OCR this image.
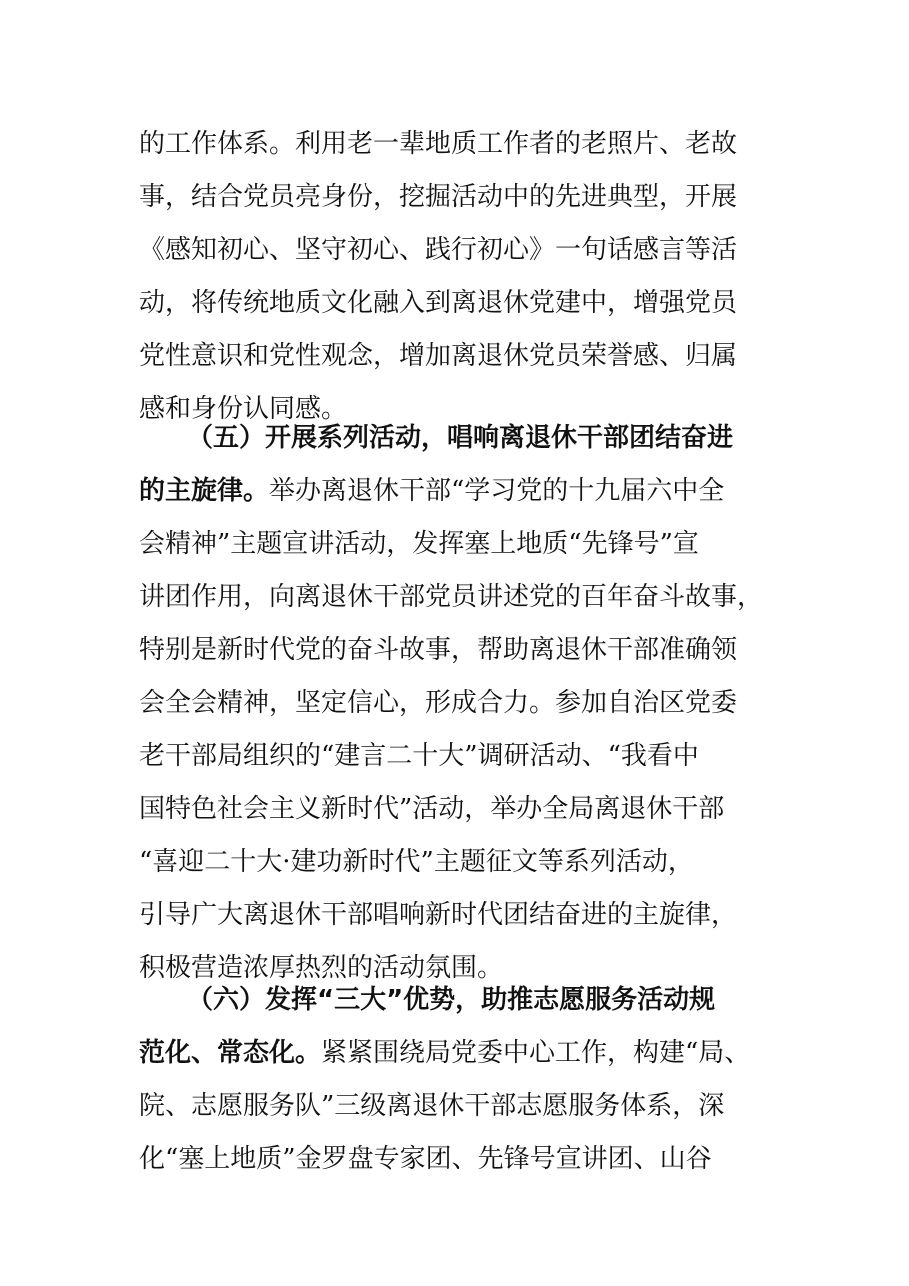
的工作体系。利用老一辈地质工作者的老照片、老故
事，结合党员亮身份，挖掘活动中的先进典型，开展
《感知初心、坚守初心、践行初心》一句话感言等活
动，将传统地质文化融入到离退休党建中，增强党员
党性意识和党性观念，增加离退休党员荣誉感、归属
感和身份认同感。
（五）开展系列活动，唱响离退休干部团结奋进
的主旋律。举办离退休干部“学习党的十九届六中全
会精神”主题宣讲活动，发挥塞上地质“先锋号”宣
讲团作用，向离退休干部党员讲述党的百年奋斗故事，
特别是新时代党的奋斗故事，帮助离退休干部准确领
会全会精神，坚定信心，形成合力。参加自治区党委
老干部局组织的“建言二十大”调研活动、“我看中
国特色社会主义新时代”活动，举办全局离退休干部
“喜迎二十大·建功新时代”主题征文等系列活动，
引导广大离退休干部唱响新时代团结奋进的主旋律，
积极营造浓厚热烈的活动氛围。
（六）发挥“三大”优势，助推志愿服务活动规
范化、常态化。紧紧围绕局党委中心工作，构建“局、
院、志愿服务队”三级离退休干部志愿服务体系，深
化“塞上地质”金罗盘专家团、先锋号宣讲团、山谷
